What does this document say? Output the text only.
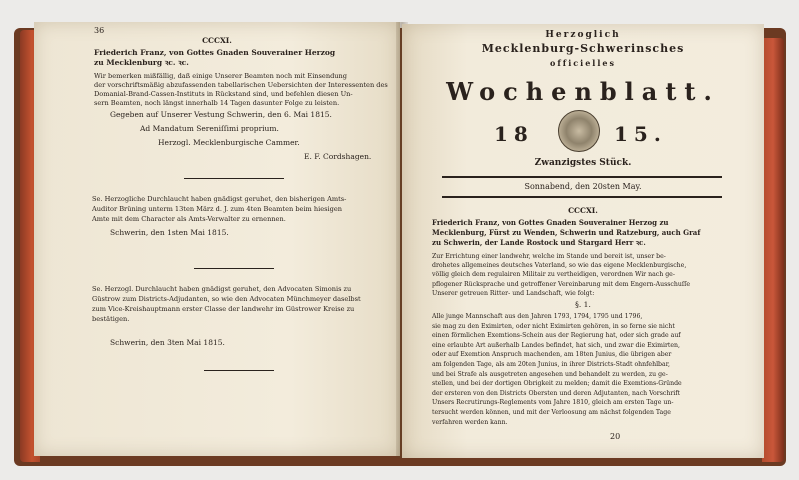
36
CCCXI.
Friederich Franz, von Gottes Gnaden Souverainer Herzog
zu Mecklenburg ꝛc. ꝛc.
Wir bemerken mißfällig, daß einige Unserer Beamten noch mit Einsendung
der vorschriftsmäßig abzufassenden tabellarischen Uebersichten der Interessenten des
Domanial-Brand-Cassen-Instituts in Rückstand sind, und befehlen diesen Un-
sern Beamten, noch längst innerhalb 14 Tagen dasunter Folge zu leisten.
Gegeben auf Unserer Vestung Schwerin, den 6. Mai 1815.
Ad Mandatum Sereniſſimi proprium.
Herzogl. Mecklenburgische Cammer.
E. F. Cordshagen.
Se. Herzogliche Durchlaucht haben gnädigst geruhet, den bisherigen Amts-
Auditor Brüning unterm 13ten März d. J. zum 4ten Beamten beim hiesigen
Amte mit dem Character als Amts-Verwalter zu ernennen.
Schwerin, den 1sten Mai 1815.
Se. Herzogl. Durchlaucht haben gnädigst geruhet, den Advocaten Simonis zu
Güstrow zum Districts-Adjudanten, so wie den Advocaten Münchmeyer daselbst
zum Vice-Kreishauptmann erster Classe der landwehr im Güstrower Kreise zu
bestätigen.
Schwerin, den 3ten Mai 1815.
Herzoglich
Mecklenburg-Schwerinsches
officielles
Wochenblatt.
18	15.
Zwanzigstes Stück.
Sonnabend, den 20sten May.
CCCXI.
Friederich Franz, von Gottes Gnaden Souverainer Herzog zu
Mecklenburg, Fürst zu Wenden, Schwerin und Ratzeburg, auch Graf
zu Schwerin, der Lande Rostock und Stargard Herr ꝛc.
Zur Errichtung einer landwehr, welche im Stande und bereit ist, unser be-
drohetes allgemeines deutsches Vaterland, so wie das eigene Mecklenburgische,
völlig gleich dem regulairen Militair zu vertheidigen, verordnen Wir nach ge-
pflogener Rücksprache und getroffener Vereinbarung mit dem Engern-Ausschuſſe
Unserer getreuen Ritter- und Landschaft, wie folgt:
§. 1.
Alle junge Mannschaft aus den Jahren 1793, 1794, 1795 und 1796,
sie mag zu den Eximirten, oder nicht Eximirten gehören, in so ferne sie nicht
einen förmlichen Exemtions-Schein aus der Regierung hat, oder sich grade auf
eine erlaubte Art außerhalb Landes befindet, hat sich, und zwar die Eximirten,
oder auf Exemtion Anspruch machenden, am 18ten Junius, die übrigen aber
am folgenden Tage, als am 20ten Junius, in ihrer Districts-Stadt ohnfehlbar,
und bei Strafe als ausgetreten angesehen und behandelt zu werden, zu ge-
stellen, und bei der dortigen Obrigkeit zu melden; damit die Exemtions-Gründe
der ersteren von den Districts Obersten und deren Adjutanten, nach Vorschrift
Unsers Recrutirungs-Reglements vom Jahre 1810, gleich am ersten Tage un-
tersucht werden können, und mit der Verloosung am nächst folgenden Tage
verfahren werden kann.
20
